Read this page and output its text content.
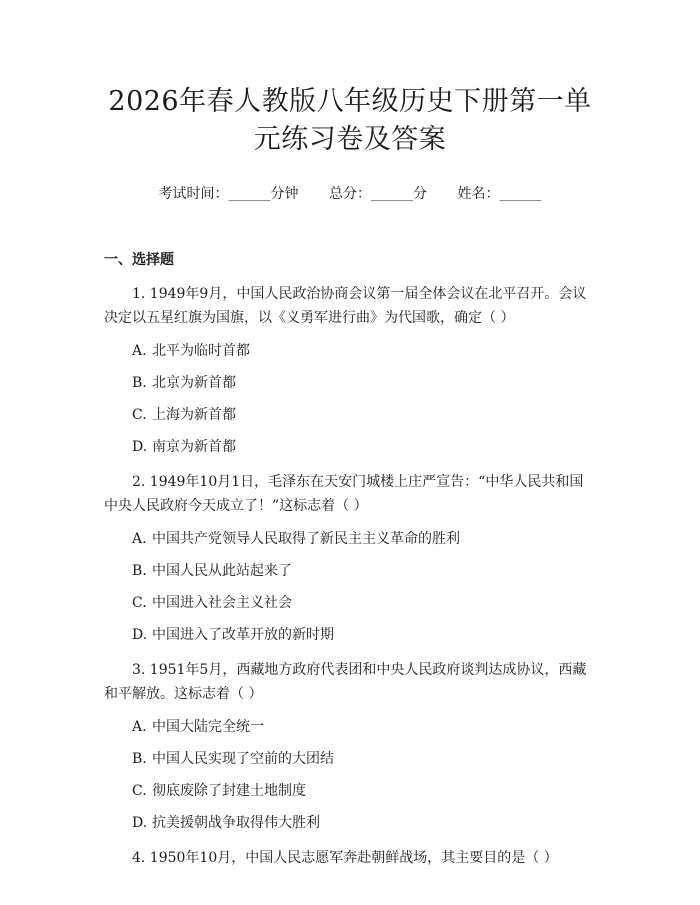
2026年春人教版八年级历史下册第一单元练习卷及答案
考试时间：______分钟 总分：______分 姓名：______
一、选择题
1. 1949年9月，中国人民政治协商会议第一届全体会议在北平召开。会议决定以五星红旗为国旗，以《义勇军进行曲》为代国歌，确定（ ）
A. 北平为临时首都
B. 北京为新首都
C. 上海为新首都
D. 南京为新首都
2. 1949年10月1日，毛泽东在天安门城楼上庄严宣告：“中华人民共和国中央人民政府今天成立了！”这标志着（ ）
A. 中国共产党领导人民取得了新民主主义革命的胜利
B. 中国人民从此站起来了
C. 中国进入社会主义社会
D. 中国进入了改革开放的新时期
3. 1951年5月，西藏地方政府代表团和中央人民政府谈判达成协议，西藏和平解放。这标志着（ ）
A. 中国大陆完全统一
B. 中国人民实现了空前的大团结
C. 彻底废除了封建土地制度
D. 抗美援朝战争取得伟大胜利
4. 1950年10月，中国人民志愿军奔赴朝鲜战场，其主要目的是（ ）
